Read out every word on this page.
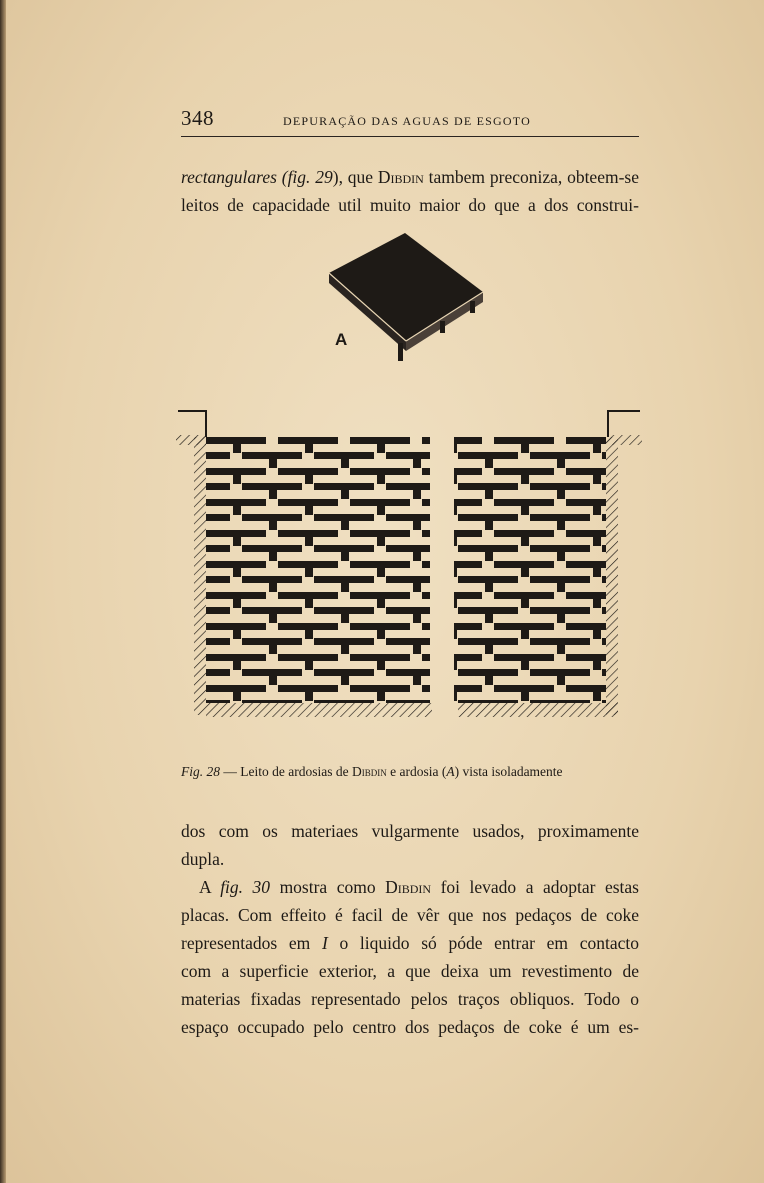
348	DEPURAÇÃO DAS AGUAS DE ESGOTO
rectangulares (fig. 29), que Dibdin tambem preconiza, obteem-se
leitos de capacidade util muito maior do que a dos construi-
A
Fig. 28 — Leito de ardosias de Dibdin e ardosia (A) vista isoladamente
dos com os materiaes vulgarmente usados, proximamente
dupla.
A fig. 30 mostra como Dibdin foi levado a adoptar estas
placas. Com effeito é facil de vêr que nos pedaços de coke
representados em I o liquido só póde entrar em contacto
com a superficie exterior, a que deixa um revestimento de
materias fixadas representado pelos traços obliquos. Todo o
espaço occupado pelo centro dos pedaços de coke é um es-
